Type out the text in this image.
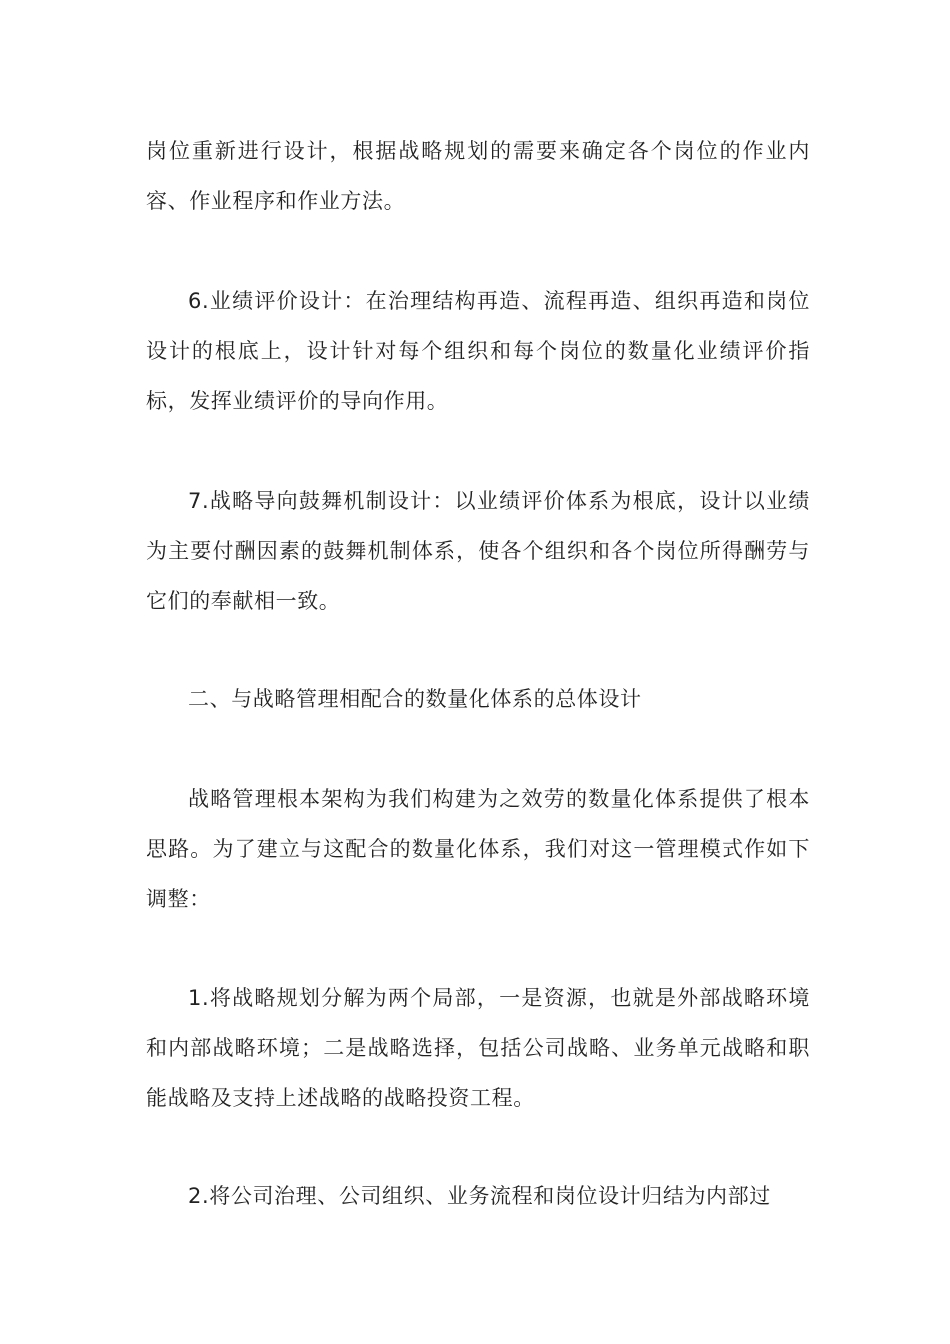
岗位重新进行设计，根据战略规划的需要来确定各个岗位的作业内容、作业程序和作业方法。

6.业绩评价设计：在治理结构再造、流程再造、组织再造和岗位设计的根底上，设计针对每个组织和每个岗位的数量化业绩评价指标，发挥业绩评价的导向作用。

7.战略导向鼓舞机制设计：以业绩评价体系为根底，设计以业绩为主要付酬因素的鼓舞机制体系，使各个组织和各个岗位所得酬劳与它们的奉献相一致。

二、与战略管理相配合的数量化体系的总体设计

战略管理根本架构为我们构建为之效劳的数量化体系提供了根本思路。为了建立与这配合的数量化体系，我们对这一管理模式作如下调整：

1.将战略规划分解为两个局部，一是资源，也就是外部战略环境和内部战略环境；二是战略选择，包括公司战略、业务单元战略和职能战略及支持上述战略的战略投资工程。

2.将公司治理、公司组织、业务流程和岗位设计归结为内部过
